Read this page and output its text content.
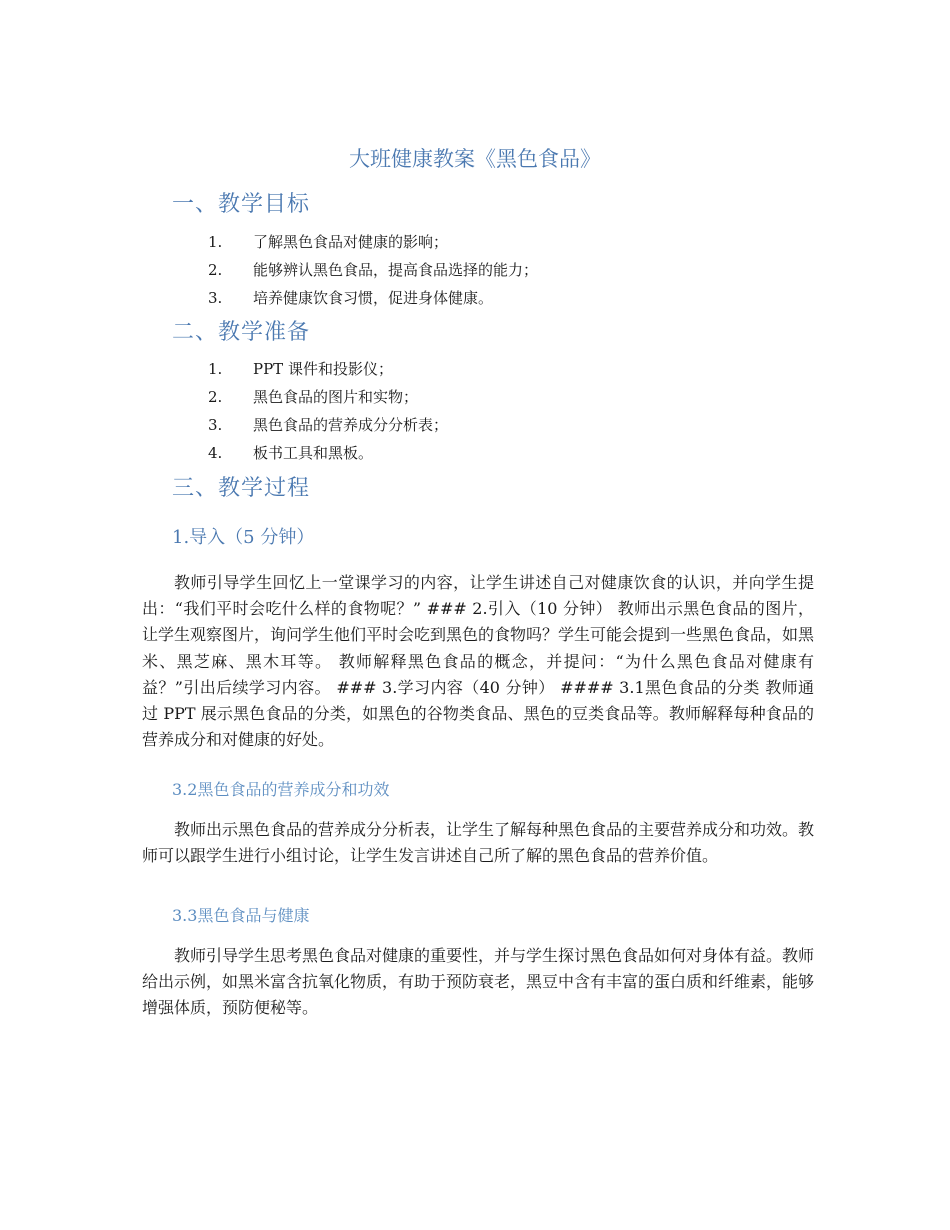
大班健康教案《黑色食品》
一、教学目标
1. 了解黑色食品对健康的影响；
2. 能够辨认黑色食品，提高食品选择的能力；
3. 培养健康饮食习惯，促进身体健康。
二、教学准备
1. PPT 课件和投影仪；
2. 黑色食品的图片和实物；
3. 黑色食品的营养成分分析表；
4. 板书工具和黑板。
三、教学过程
1.导入（5 分钟）

教师引导学生回忆上一堂课学习的内容，让学生讲述自己对健康饮食的认识，并向学生提出：“我们平时会吃什么样的食物呢？” ### 2.引入（10 分钟） 教师出示黑色食品的图片，让学生观察图片，询问学生他们平时会吃到黑色的食物吗？学生可能会提到一些黑色食品，如黑米、黑芝麻、黑木耳等。 教师解释黑色食品的概念，并提问：“为什么黑色食品对健康有益？”引出后续学习内容。 ### 3.学习内容（40 分钟） #### 3.1黑色食品的分类 教师通过 PPT 展示黑色食品的分类，如黑色的谷物类食品、黑色的豆类食品等。教师解释每种食品的营养成分和对健康的好处。

3.2黑色食品的营养成分和功效

教师出示黑色食品的营养成分分析表，让学生了解每种黑色食品的主要营养成分和功效。教师可以跟学生进行小组讨论，让学生发言讲述自己所了解的黑色食品的营养价值。

3.3黑色食品与健康

教师引导学生思考黑色食品对健康的重要性，并与学生探讨黑色食品如何对身体有益。教师给出示例，如黑米富含抗氧化物质，有助于预防衰老，黑豆中含有丰富的蛋白质和纤维素，能够增强体质，预防便秘等。
